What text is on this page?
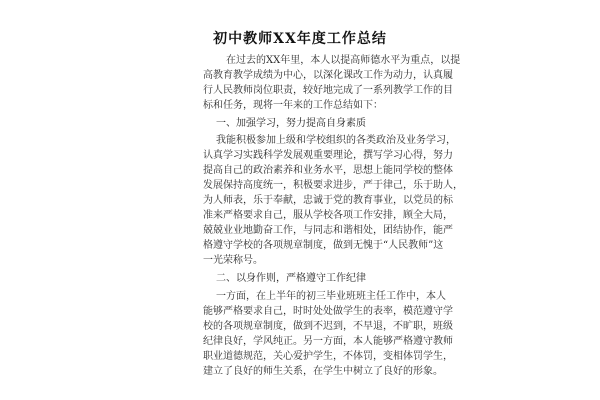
初中教师XX年度工作总结
在过去的XX年里，本人以提高师德水平为重点，以提
高教育教学成绩为中心，以深化课改工作为动力，认真履
行人民教师岗位职责，较好地完成了一系列教学工作的目
标和任务，现将一年来的工作总结如下：
一、加强学习，努力提高自身素质
我能积极参加上级和学校组织的各类政治及业务学习，
认真学习实践科学发展观重要理论，撰写学习心得，努力
提高自己的政治素养和业务水平，思想上能同学校的整体
发展保持高度统一，积极要求进步，严于律己，乐于助人，
为人师表，乐于奉献，忠诚于党的教育事业，以党员的标
准来严格要求自己，服从学校各项工作安排，顾全大局，
兢兢业业地勤奋工作，与同志和谐相处，团结协作，能严
格遵守学校的各项规章制度，做到无愧于“人民教师”这
一光荣称号。
二、以身作则，严格遵守工作纪律
一方面，在上半年的初三毕业班班主任工作中，本人
能够严格要求自己，时时处处做学生的表率，模范遵守学
校的各项规章制度，做到不迟到，不早退，不旷职，班级
纪律良好，学风纯正。另一方面，本人能够严格遵守教师
职业道德规范，关心爱护学生，不体罚，变相体罚学生，
建立了良好的师生关系，在学生中树立了良好的形象。
